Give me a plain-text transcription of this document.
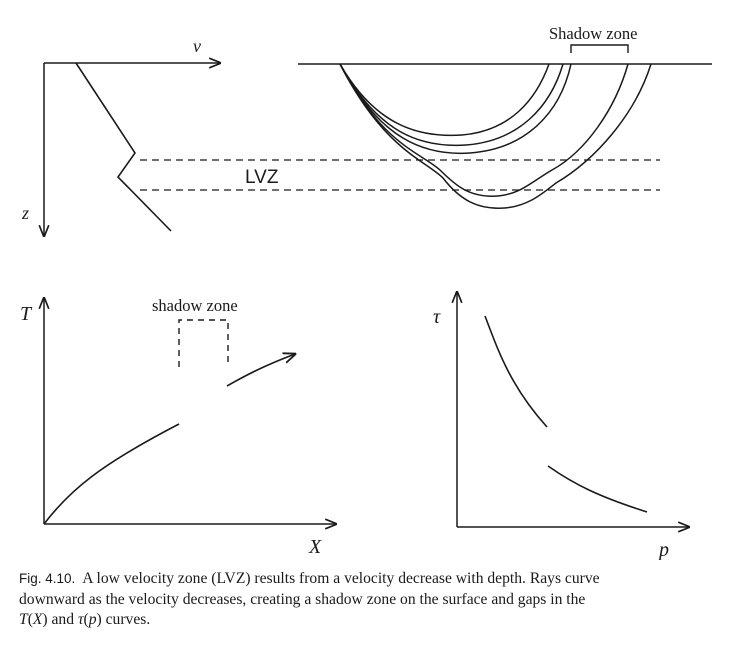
v
z
LVZ
Shadow zone
shadow zone
T
X
τ
p
Fig. 4.10. A low velocity zone (LVZ) results from a velocity decrease with depth. Rays curve
downward as the velocity decreases, creating a shadow zone on the surface and gaps in the
T(X) and τ(p) curves.
